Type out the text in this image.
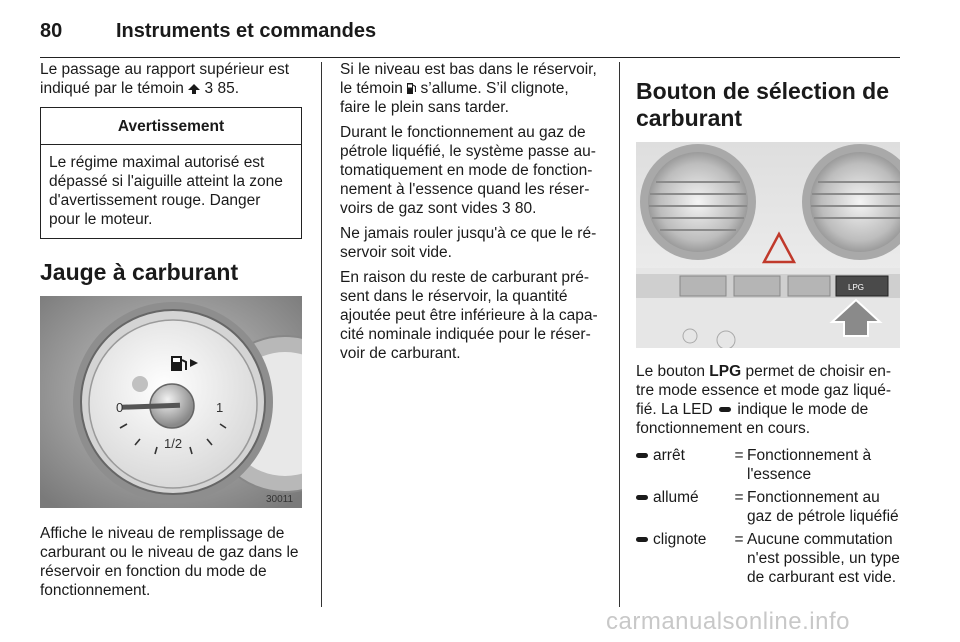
80	Instruments et commandes

Le passage au rapport supérieur est indiqué par le témoin 3 85.

Avertissement
Le régime maximal autorisé est dépassé si l'aiguille atteint la zone d'avertissement rouge. Danger pour le moteur.
Jauge à carburant
0	1
1/2
30011

Affiche le niveau de remplissage de carburant ou le niveau de gaz dans le réservoir en fonction du mode de fonctionnement.

Si le niveau est bas dans le réservoir, le témoin s’allume. S’il clignote, faire le plein sans tarder.

Durant le fonctionnement au gaz de pétrole liquéfié, le système passe au-tomatiquement en mode de fonction-nement à l'essence quand les réser-voirs de gaz sont vides 3 80.

Ne jamais rouler jusqu'à ce que le ré-servoir soit vide.

En raison du reste de carburant pré-sent dans le réservoir, la quantité ajoutée peut être inférieure à la capa-cité nominale indiquée pour le réser-voir de carburant.

Bouton de sélection de carburant
LPG

Le bouton LPG permet de choisir en-tre mode essence et mode gaz liqué-fié. La LED indique le mode de fonctionnement en cours.

arrêt	= Fonctionnement à l'essence
allumé = Fonctionnement au gaz de pétrole liquéfié
clignote = Aucune commutation n'est possible, un type de carburant est vide.
carmanualsonline.info
